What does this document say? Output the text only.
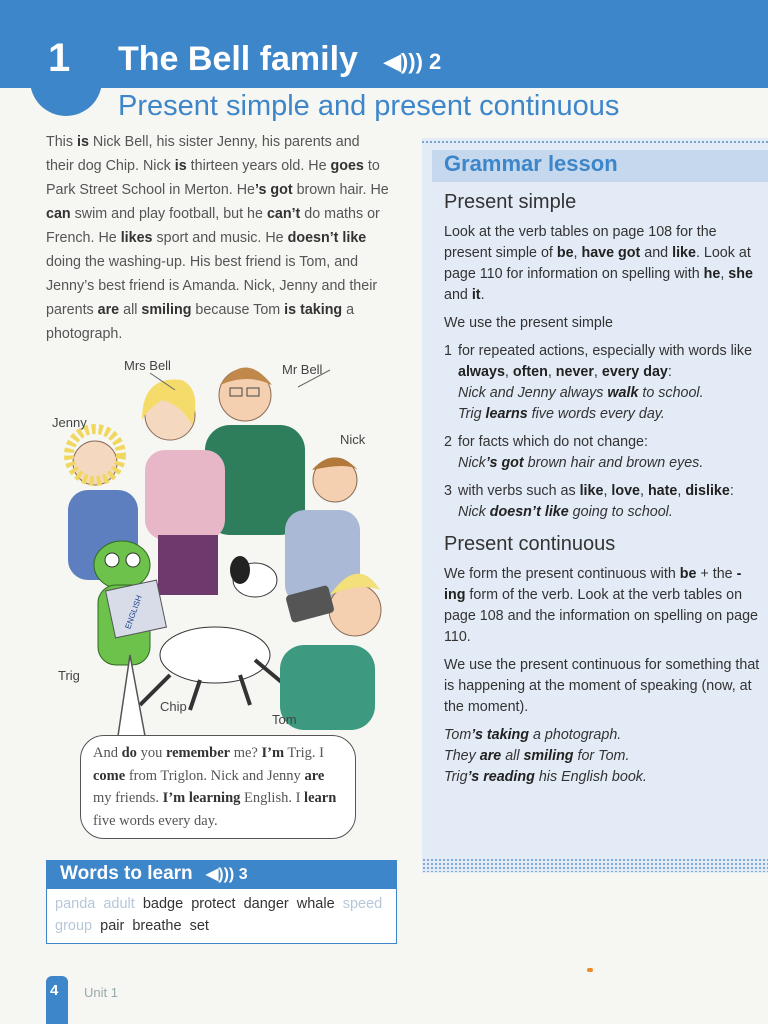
1 The Bell family ◀))) 2
Present simple and present continuous
This is Nick Bell, his sister Jenny, his parents and their dog Chip. Nick is thirteen years old. He goes to Park Street School in Merton. He’s got brown hair. He can swim and play football, but he can’t do maths or French. He likes sport and music. He doesn’t like doing the washing-up. His best friend is Tom, and Jenny’s best friend is Amanda. Nick, Jenny and their parents are all smiling because Tom is taking a photograph.
ENGLISH
Mrs Bell	Mr Bell
Jenny
Nick
Trig
Chip
Tom
And do you remember me? I’m Trig. I come from Triglon. Nick and Jenny are my friends. I’m learning English. I learn five words every day.
Words to learn ◀))) 3
panda adult badge protect danger whale speed group pair breathe set
4 Unit 1
Grammar lesson
Present simple

Look at the verb tables on page 108 for the present simple of be, have got and like. Look at page 110 for information on spelling with he, she and it.

We use the present simple

1 for repeated actions, especially with words like always, often, never, every day:
Nick and Jenny always walk to school.
Trig learns five words every day.
2 for facts which do not change:
Nick’s got brown hair and brown eyes.
3 with verbs such as like, love, hate, dislike:
Nick doesn’t like going to school.
Present continuous

We form the present continuous with be + the -ing form of the verb. Look at the verb tables on page 108 and the information on spelling on page 110.

We use the present continuous for something that is happening at the moment of speaking (now, at the moment).

Tom’s taking a photograph.

They are all smiling for Tom.

Trig’s reading his English book.
